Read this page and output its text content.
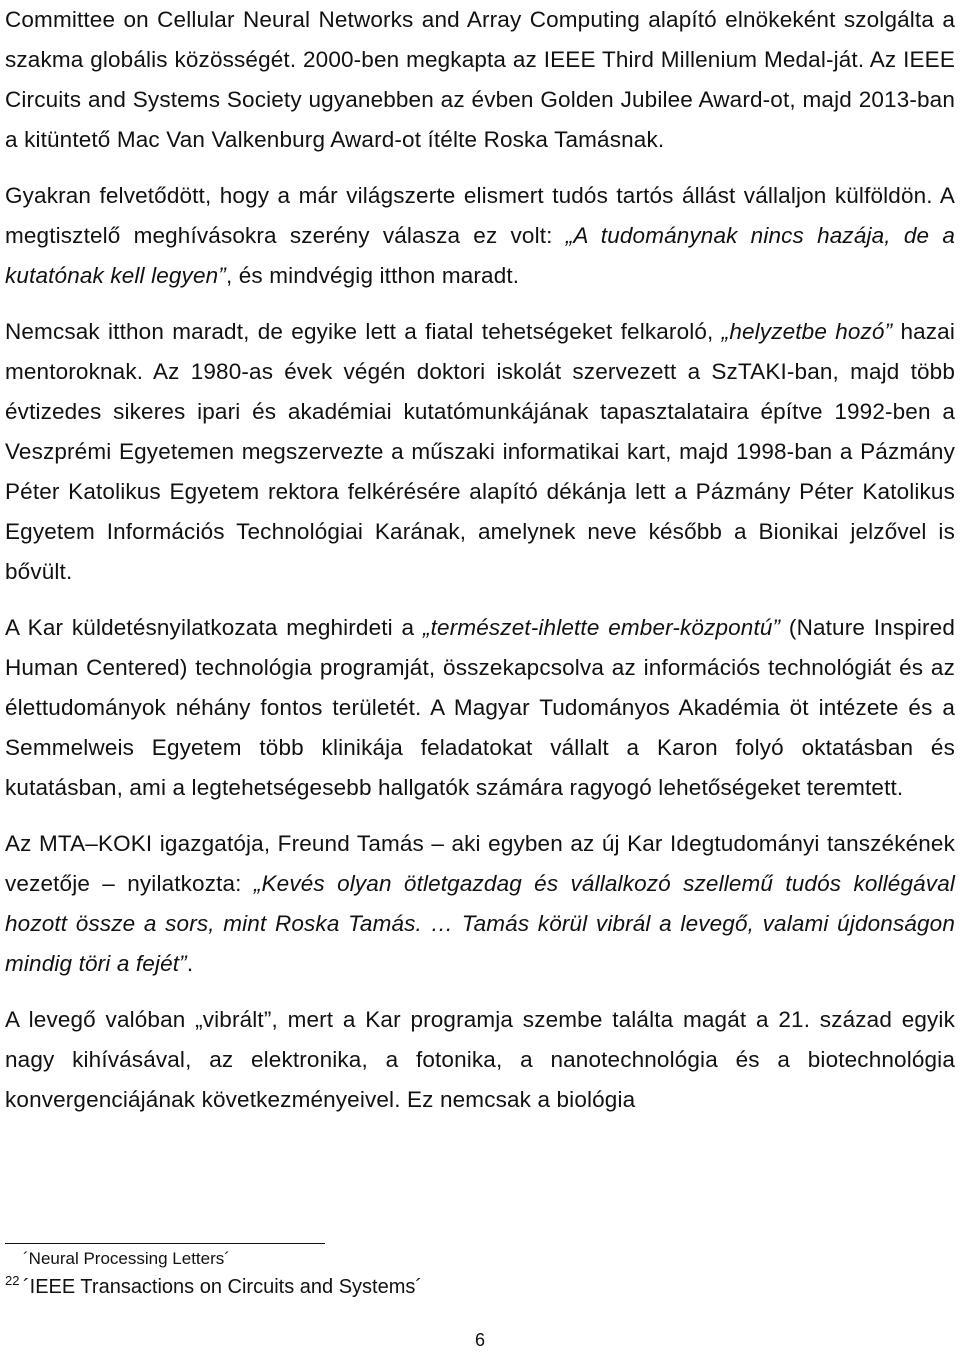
Committee on Cellular Neural Networks and Array Computing alapító elnökeként szolgálta a szakma globális közösségét. 2000-ben megkapta az IEEE Third Millenium Medal-ját. Az IEEE Circuits and Systems Society ugyanebben az évben Golden Jubilee Award-ot, majd 2013-ban a kitüntető Mac Van Valkenburg Award-ot ítélte Roska Tamásnak.

Gyakran felvetődött, hogy a már világszerte elismert tudós tartós állást vállaljon külföldön. A megtisztelő meghívásokra szerény válasza ez volt: „A tudománynak nincs hazája, de a kutatónak kell legyen”, és mindvégig itthon maradt.

Nemcsak itthon maradt, de egyike lett a fiatal tehetségeket felkaroló, „helyzetbe hozó” hazai mentoroknak. Az 1980-as évek végén doktori iskolát szervezett a SzTAKI-ban, majd több évtizedes sikeres ipari és akadémiai kutatómunkájának tapasztalataira építve 1992-ben a Veszprémi Egyetemen megszervezte a műszaki informatikai kart, majd 1998-ban a Pázmány Péter Katolikus Egyetem rektora felkérésére alapító dékánja lett a Pázmány Péter Katolikus Egyetem Információs Technológiai Karának, amelynek neve később a Bionikai jelzővel is bővült.

A Kar küldetésnyilatkozata meghirdeti a „természet-ihlette ember-központú” (Nature Inspired Human Centered) technológia programját, összekapcsolva az információs technológiát és az élettudományok néhány fontos területét. A Magyar Tudományos Akadémia öt intézete és a Semmelweis Egyetem több klinikája feladatokat vállalt a Karon folyó oktatásban és kutatásban, ami a legtehetségesebb hallgatók számára ragyogó lehetőségeket teremtett.

Az MTA–KOKI igazgatója, Freund Tamás – aki egyben az új Kar Idegtudományi tanszékének vezetője – nyilatkozta: „Kevés olyan ötletgazdag és vállalkozó szellemű tudós kollégával hozott össze a sors, mint Roska Tamás. … Tamás körül vibrál a levegő, valami újdonságon mindig töri a fejét”.

A levegő valóban „vibrált”, mert a Kar programja szembe találta magát a 21. század egyik nagy kihívásával, az elektronika, a fotonika, a nanotechnológia és a biotechnológia konvergenciájának következményeivel. Ez nemcsak a biológia

´Neural Processing Letters´
22 ´IEEE Transactions on Circuits and Systems´
6
